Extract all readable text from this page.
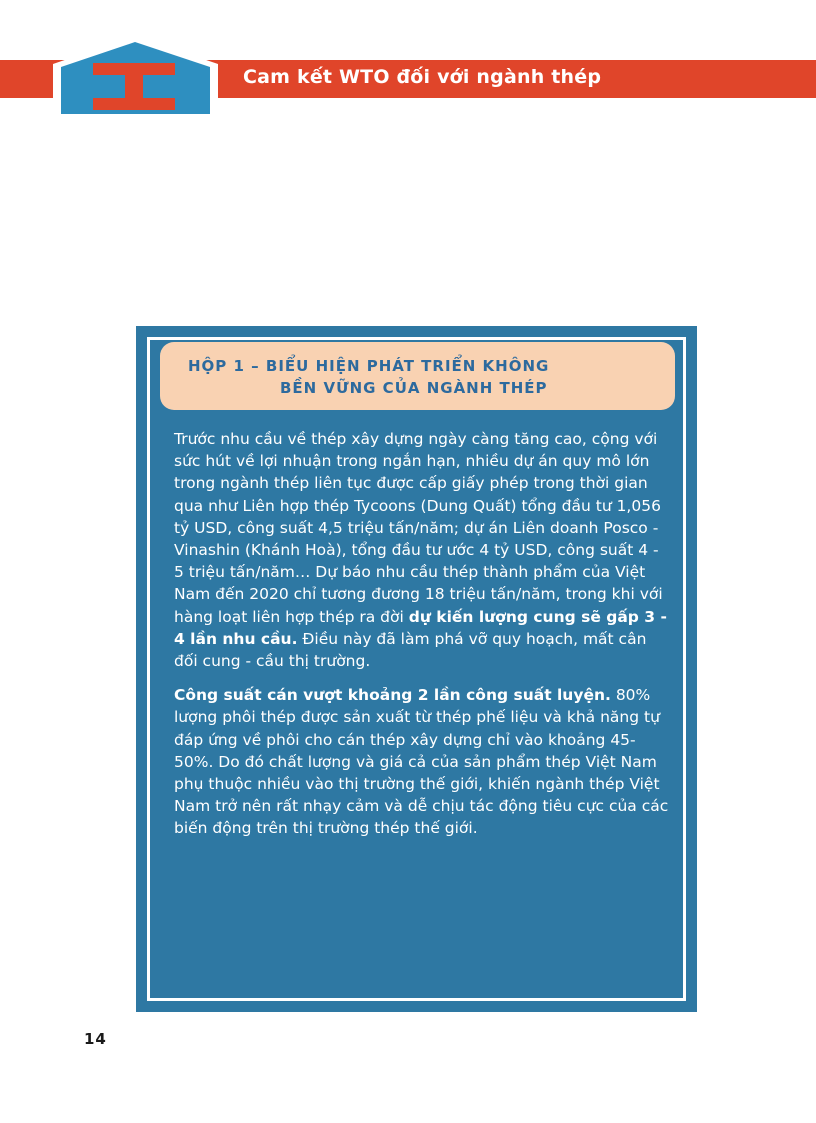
Cam kết WTO đối với ngành thép
HỘP 1 – BIỂU HIỆN PHÁT TRIỂN KHÔNG
BỀN VỮNG CỦA NGÀNH THÉP

Trước nhu cầu về thép xây dựng ngày càng tăng cao, cộng với sức hút về lợi nhuận trong ngắn hạn, nhiều dự án quy mô lớn trong ngành thép liên tục được cấp giấy phép trong thời gian qua như Liên hợp thép Tycoons (Dung Quất) tổng đầu tư 1,056 tỷ USD, công suất 4,5 triệu tấn/năm; dự án Liên doanh Posco - Vinashin (Khánh Hoà), tổng đầu tư ước 4 tỷ USD, công suất 4 - 5 triệu tấn/năm… Dự báo nhu cầu thép thành phẩm của Việt Nam đến 2020 chỉ tương đương 18 triệu tấn/năm, trong khi với hàng loạt liên hợp thép ra đời dự kiến lượng cung sẽ gấp 3 - 4 lần nhu cầu. Điều này đã làm phá vỡ quy hoạch, mất cân đối cung - cầu thị trường.

Công suất cán vượt khoảng 2 lần công suất luyện. 80% lượng phôi thép được sản xuất từ thép phế liệu và khả năng tự đáp ứng về phôi cho cán thép xây dựng chỉ vào khoảng 45-50%. Do đó chất lượng và giá cả của sản phẩm thép Việt Nam phụ thuộc nhiều vào thị trường thế giới, khiến ngành thép Việt Nam trở nên rất nhạy cảm và dễ chịu tác động tiêu cực của các biến động trên thị trường thép thế giới.

14
